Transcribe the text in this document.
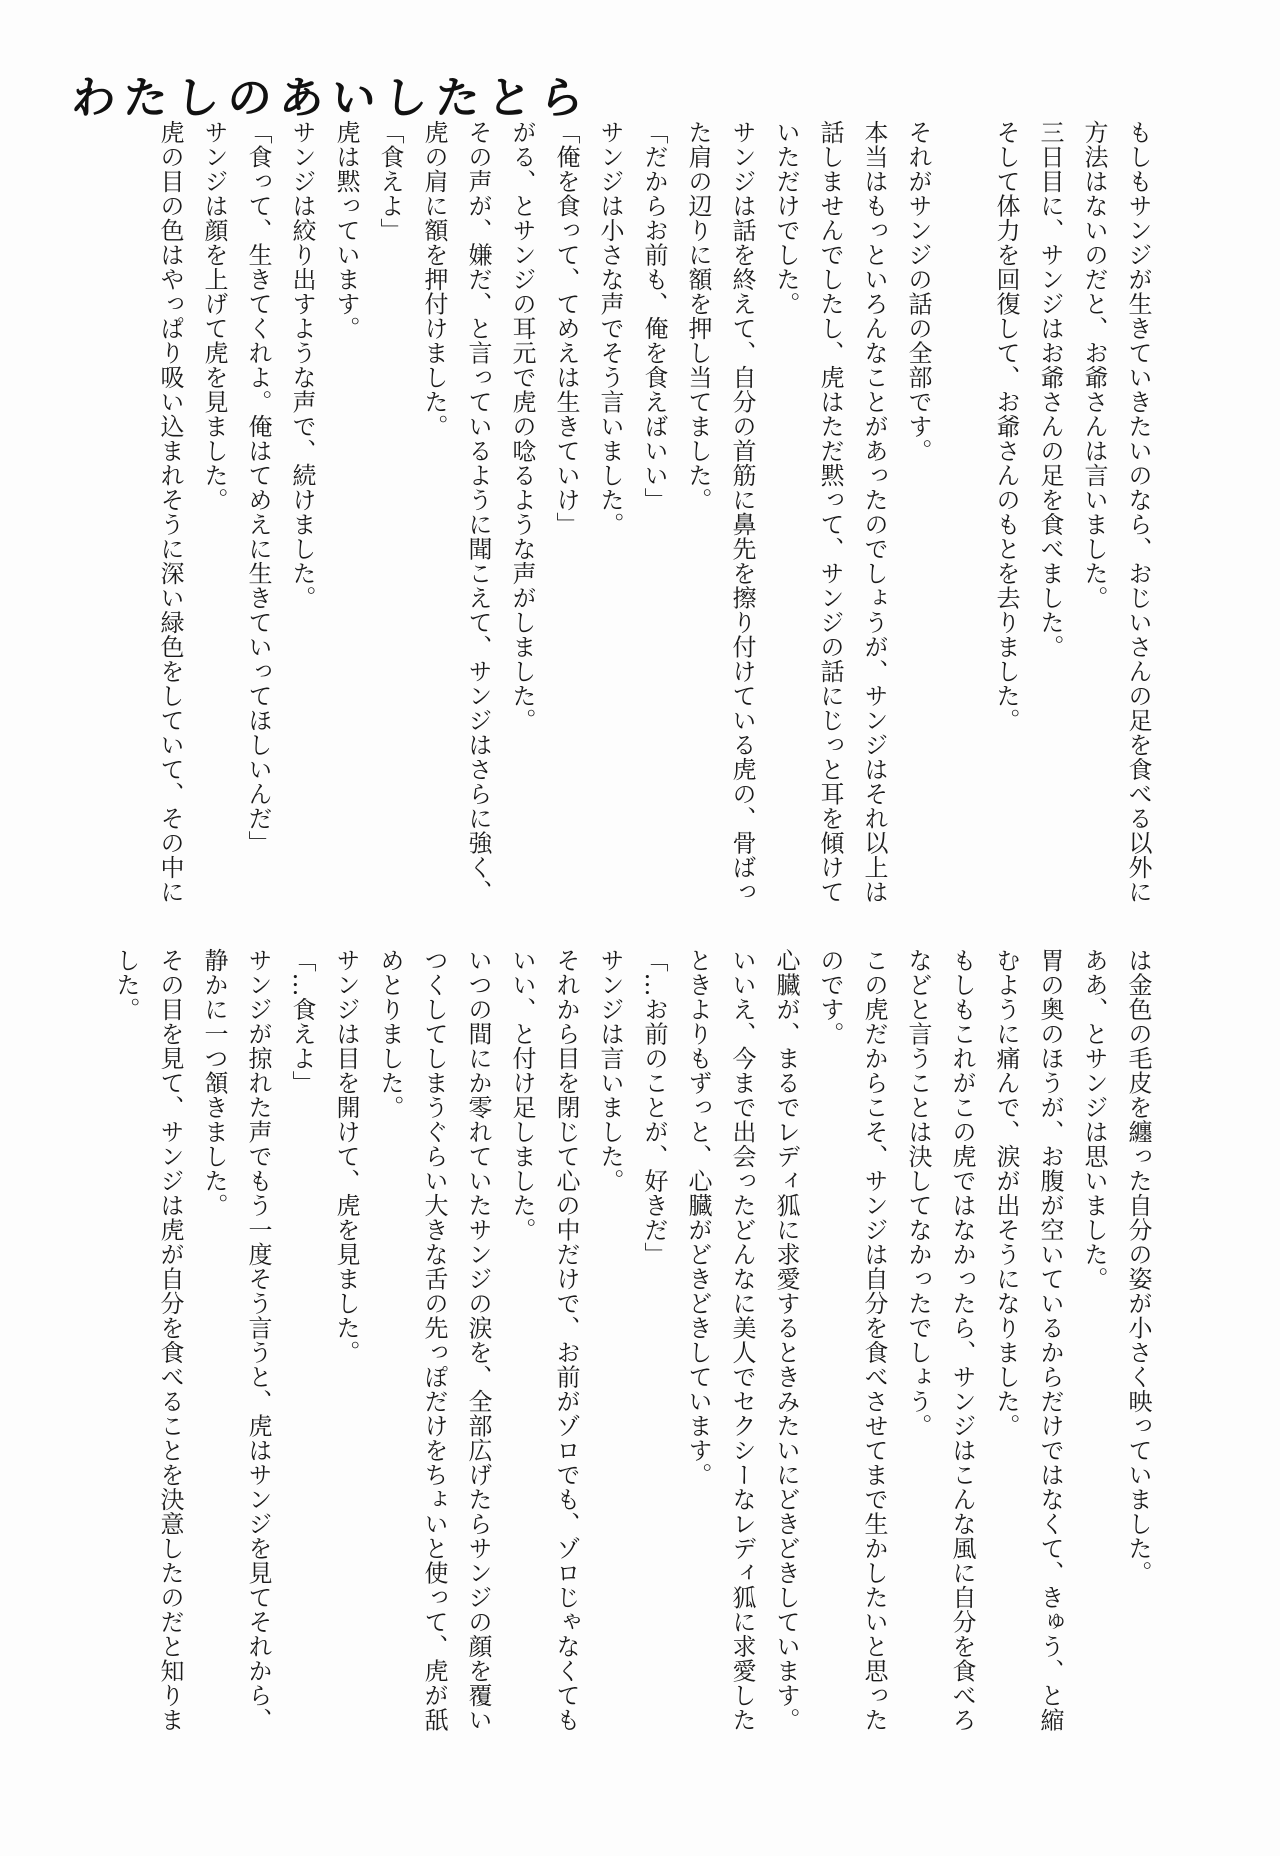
わたしのあいしたとら
もしもサンジが生きていきたいのなら、おじいさんの足を食べる以外に
方法はないのだと、お爺さんは言いました。
三日目に、サンジはお爺さんの足を食べました。
そして体力を回復して、お爺さんのもとを去りました。
それがサンジの話の全部です。
本当はもっといろんなことがあったのでしょうが、サンジはそれ以上は
話しませんでしたし、虎はただ黙って、サンジの話にじっと耳を傾けて
いただけでした。
サンジは話を終えて、自分の首筋に鼻先を擦り付けている虎の、骨ばっ
た肩の辺りに額を押し当てました。
「だからお前も、俺を食えばいい」
サンジは小さな声でそう言いました。
「俺を食って、てめえは生きていけ」
がる、とサンジの耳元で虎の唸るような声がしました。
その声が、嫌だ、と言っているように聞こえて、サンジはさらに強く、
虎の肩に額を押付けました。
「食えよ」
虎は黙っています。
サンジは絞り出すような声で、続けました。
「食って、生きてくれよ。俺はてめえに生きていってほしいんだ」
サンジは顔を上げて虎を見ました。
虎の目の色はやっぱり吸い込まれそうに深い緑色をしていて、その中に
は金色の毛皮を纏った自分の姿が小さく映っていました。
ああ、とサンジは思いました。
胃の奥のほうが、お腹が空いているからだけではなくて、きゅう、と縮
むように痛んで、涙が出そうになりました。
もしもこれがこの虎ではなかったら、サンジはこんな風に自分を食べろ
などと言うことは決してなかったでしょう。
この虎だからこそ、サンジは自分を食べさせてまで生かしたいと思った
のです。
心臓が、まるでレディ狐に求愛するときみたいにどきどきしています。
いいえ、今まで出会ったどんなに美人でセクシーなレディ狐に求愛した
ときよりもずっと、心臓がどきどきしています。
「…お前のことが、好きだ」
サンジは言いました。
それから目を閉じて心の中だけで、お前がゾロでも、ゾロじゃなくても
いい、と付け足しました。
いつの間にか零れていたサンジの涙を、全部広げたらサンジの顔を覆い
つくしてしまうぐらい大きな舌の先っぽだけをちょいと使って、虎が舐
めとりました。
サンジは目を開けて、虎を見ました。
「…食えよ」
サンジが掠れた声でもう一度そう言うと、虎はサンジを見てそれから、
静かに一つ頷きました。
その目を見て、サンジは虎が自分を食べることを決意したのだと知りま
した。
